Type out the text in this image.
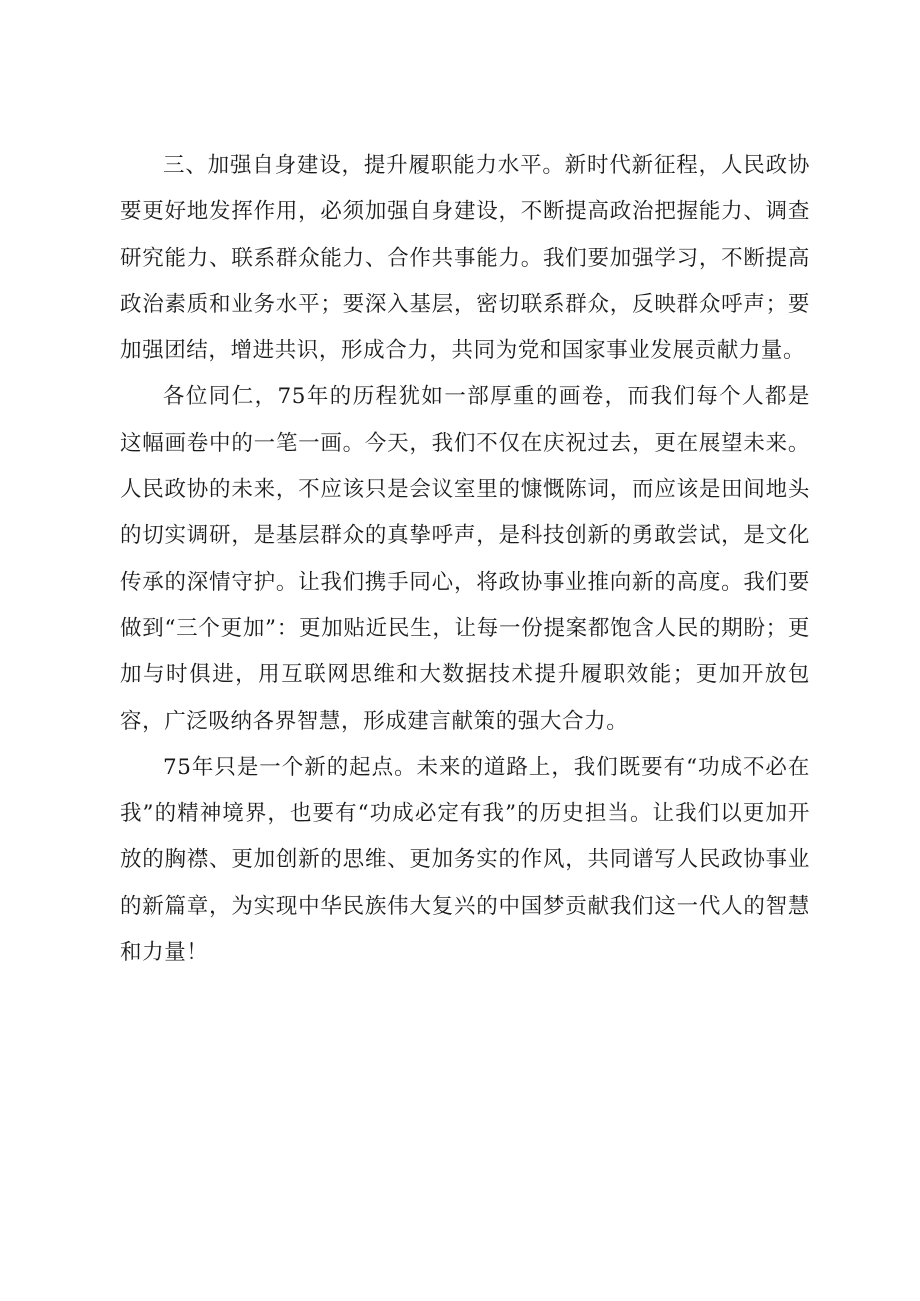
三、加强自身建设，提升履职能力水平。新时代新征程，人民政协要更好地发挥作用，必须加强自身建设，不断提高政治把握能力、调查研究能力、联系群众能力、合作共事能力。我们要加强学习，不断提高政治素质和业务水平；要深入基层，密切联系群众，反映群众呼声；要加强团结，增进共识，形成合力，共同为党和国家事业发展贡献力量。

各位同仁，75年的历程犹如一部厚重的画卷，而我们每个人都是这幅画卷中的一笔一画。今天，我们不仅在庆祝过去，更在展望未来。人民政协的未来，不应该只是会议室里的慷慨陈词，而应该是田间地头的切实调研，是基层群众的真挚呼声，是科技创新的勇敢尝试，是文化传承的深情守护。让我们携手同心，将政协事业推向新的高度。我们要做到“三个更加”：更加贴近民生，让每一份提案都饱含人民的期盼；更加与时俱进，用互联网思维和大数据技术提升履职效能；更加开放包容，广泛吸纳各界智慧，形成建言献策的强大合力。

75年只是一个新的起点。未来的道路上，我们既要有“功成不必在我”的精神境界，也要有“功成必定有我”的历史担当。让我们以更加开放的胸襟、更加创新的思维、更加务实的作风，共同谱写人民政协事业的新篇章，为实现中华民族伟大复兴的中国梦贡献我们这一代人的智慧和力量！
